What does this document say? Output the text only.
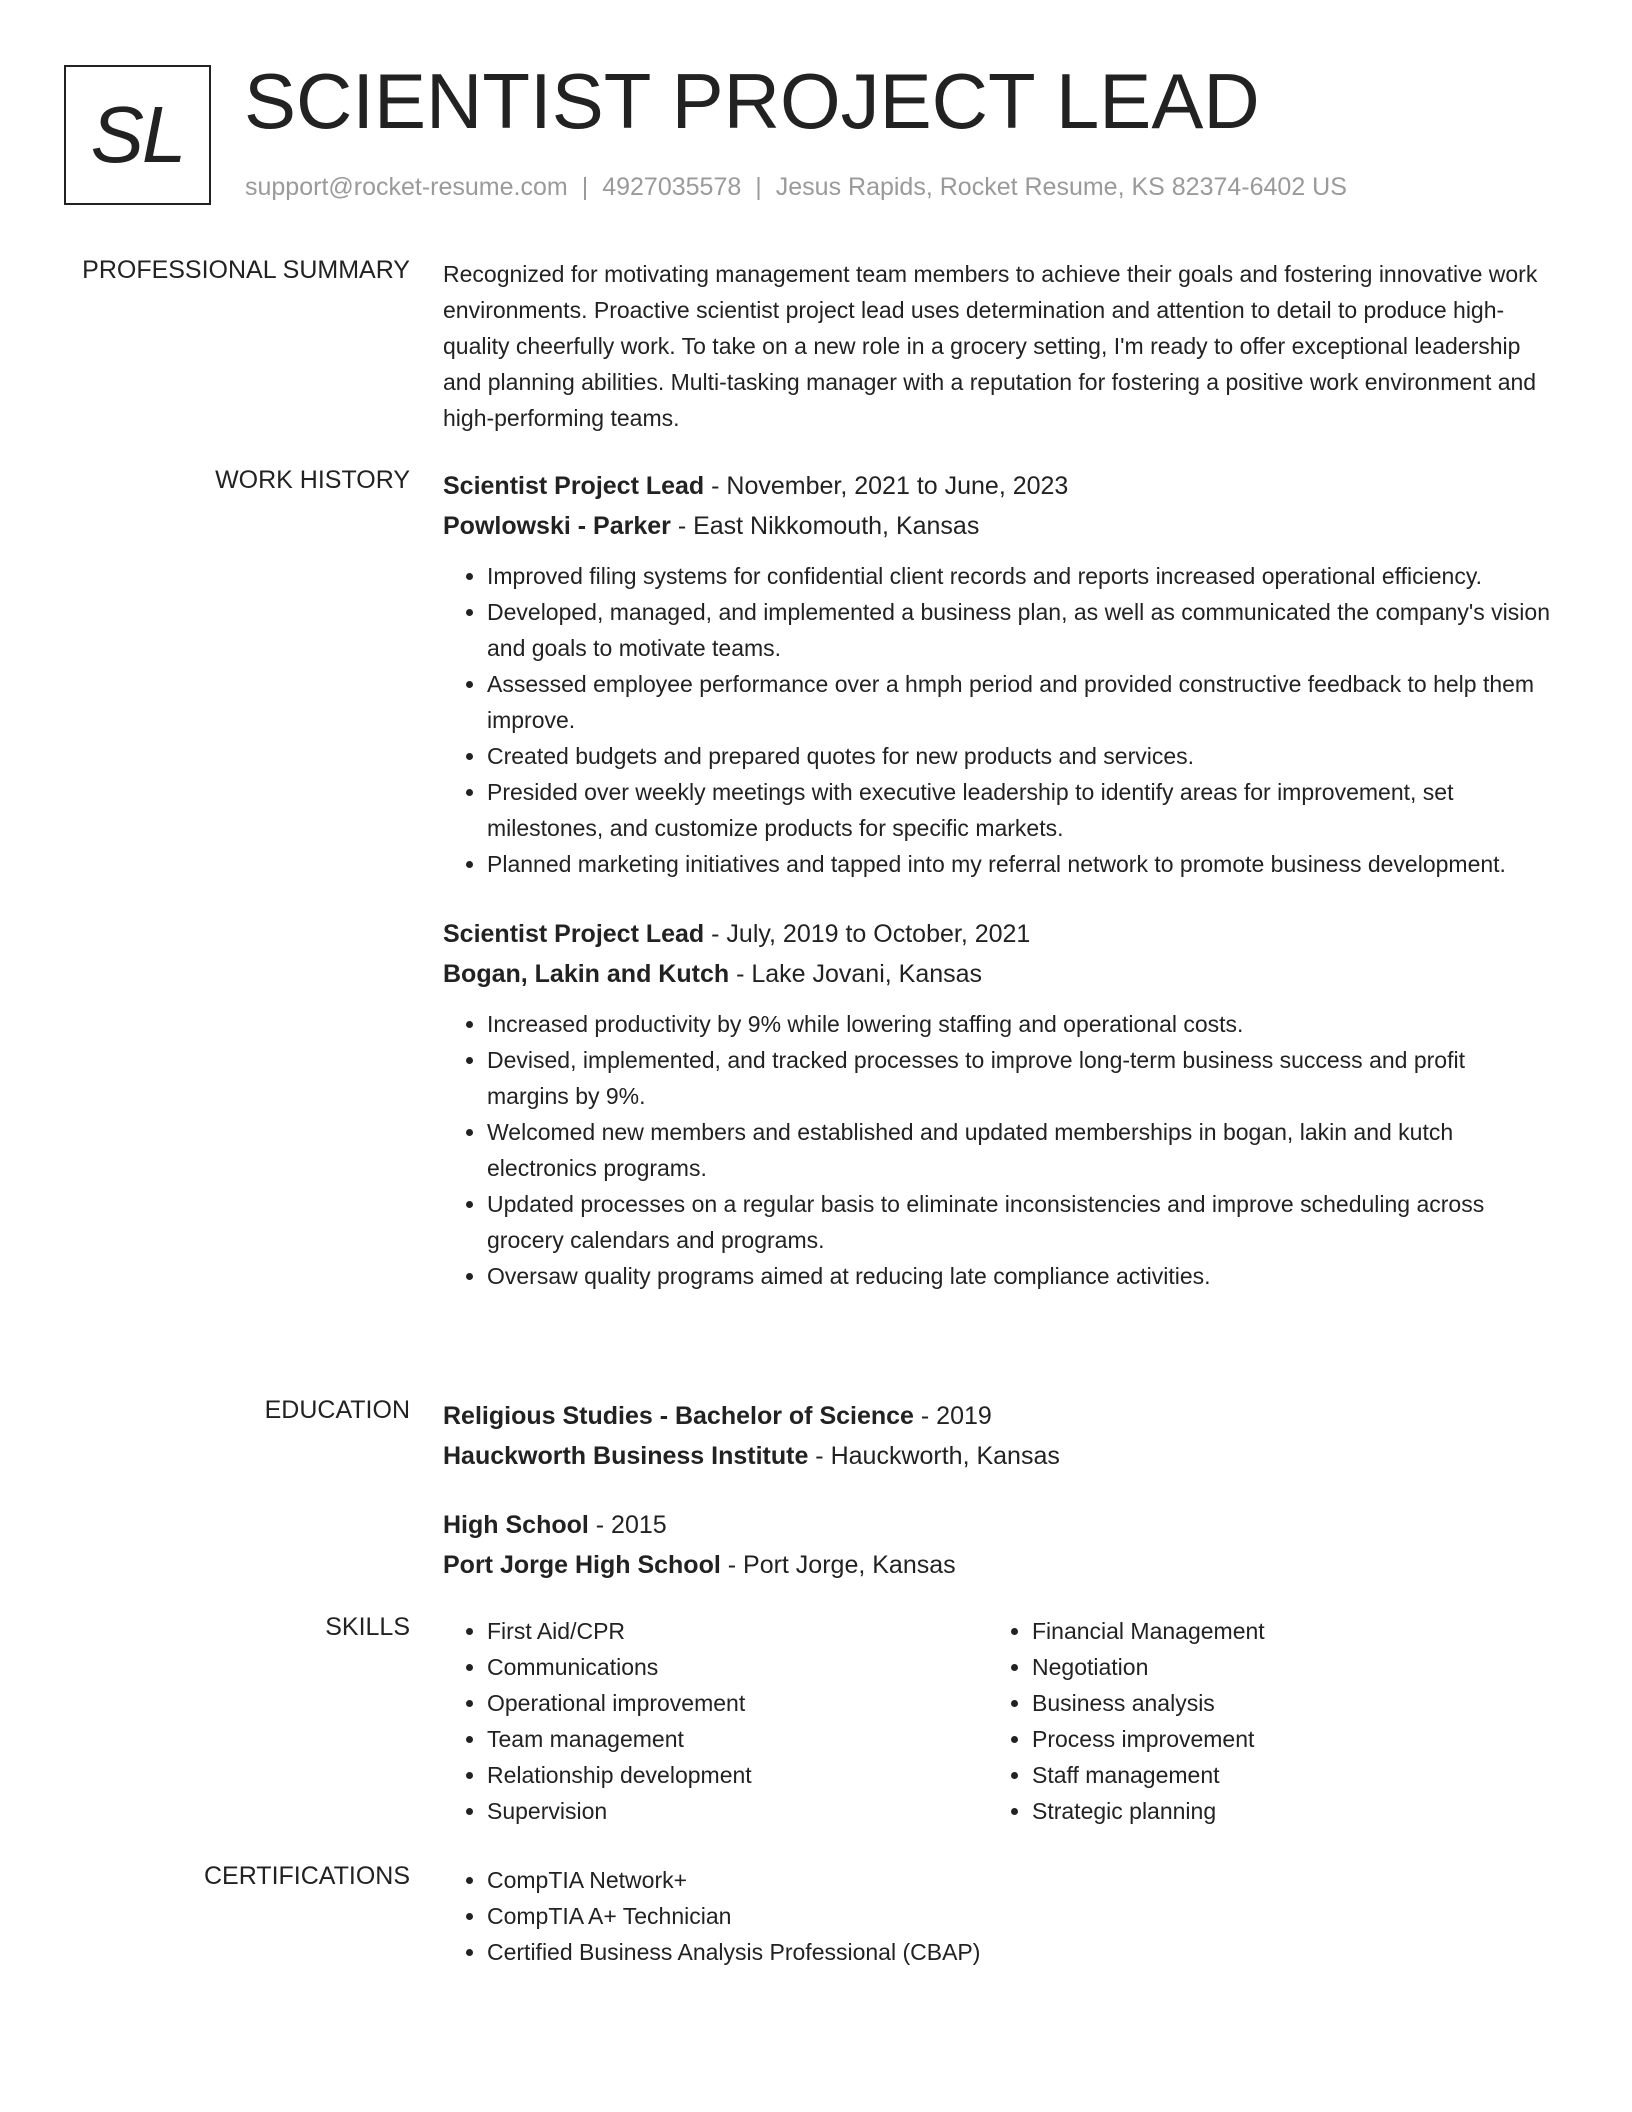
SL SCIENTIST PROJECT LEAD
support@rocket-resume.com | 4927035578 | Jesus Rapids, Rocket Resume, KS 82374-6402 US
PROFESSIONAL SUMMARY Recognized for motivating management team members to achieve their goals and fostering innovative work environments. Proactive scientist project lead uses determination and attention to detail to produce high-quality cheerfully work. To take on a new role in a grocery setting, I'm ready to offer exceptional leadership and planning abilities. Multi-tasking manager with a reputation for fostering a positive work environment and high-performing teams.

WORK HISTORY Scientist Project Lead - November, 2021 to June, 2023
Powlowski - Parker - East Nikkomouth, Kansas
• Improved filing systems for confidential client records and reports increased operational efficiency.
• Developed, managed, and implemented a business plan, as well as communicated the company's vision and goals to motivate teams.
• Assessed employee performance over a hmph period and provided constructive feedback to help them improve.
• Created budgets and prepared quotes for new products and services.
• Presided over weekly meetings with executive leadership to identify areas for improvement, set milestones, and customize products for specific markets.
• Planned marketing initiatives and tapped into my referral network to promote business development.
Scientist Project Lead - July, 2019 to October, 2021
Bogan, Lakin and Kutch - Lake Jovani, Kansas
• Increased productivity by 9% while lowering staffing and operational costs.
• Devised, implemented, and tracked processes to improve long-term business success and profit margins by 9%.
• Welcomed new members and established and updated memberships in bogan, lakin and kutch electronics programs.
• Updated processes on a regular basis to eliminate inconsistencies and improve scheduling across grocery calendars and programs.
• Oversaw quality programs aimed at reducing late compliance activities.
EDUCATION Religious Studies - Bachelor of Science - 2019
Hauckworth Business Institute - Hauckworth, Kansas
High School - 2015
Port Jorge High School - Port Jorge, Kansas
SKILLS	• First Aid/CPR
• Communications
• Operational improvement
• Team management
• Relationship development
• Supervision
• Financial Management
• Negotiation
• Business analysis
• Process improvement
• Staff management
• Strategic planning
CERTIFICATIONS	• CompTIA Network+
• CompTIA A+ Technician
• Certified Business Analysis Professional (CBAP)
